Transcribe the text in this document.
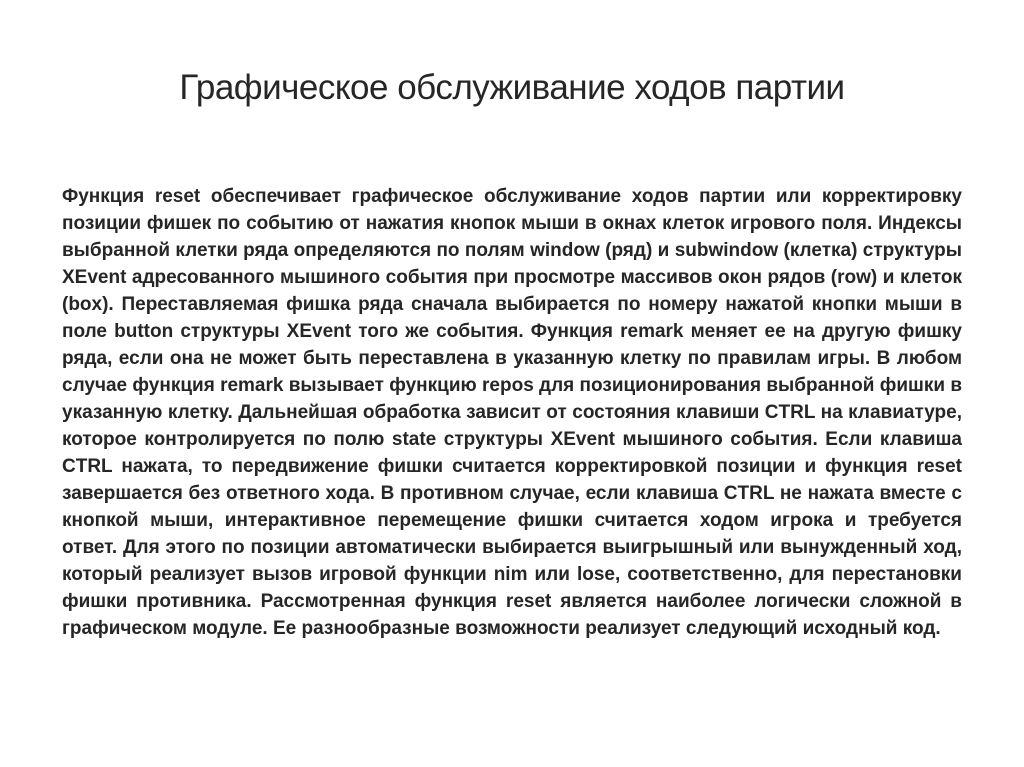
Графическое обслуживание ходов партии

Функция reset обеспечивает графическое обслуживание ходов партии или корректировку позиции фишек по событию от нажатия кнопок мыши в окнах клеток игрового поля. Индексы выбранной клетки ряда определяются по полям window (ряд) и subwindow (клетка) структуры XEvent адресованного мышиного события при просмотре массивов окон рядов (row) и клеток (box). Переставляемая фишка ряда сначала выбирается по номеру нажатой кнопки мыши в поле button структуры XEvent того же события. Функция remark меняет ее на другую фишку ряда, если она не может быть переставлена в указанную клетку по правилам игры. В любом случае функция remark вызывает функцию repos для позиционирования выбранной фишки в указанную клетку. Дальнейшая обработка зависит от состояния клавиши CTRL на клавиатуре, которое контролируется по полю state структуры XEvent мышиного события. Если клавиша CTRL нажата, то передвижение фишки считается корректировкой позиции и функция reset завершается без ответного хода. В противном случае, если клавиша CTRL не нажата вместе с кнопкой мыши, интерактивное перемещение фишки считается ходом игрока и требуется ответ. Для этого по позиции автоматически выбирается выигрышный или вынужденный ход, который реализует вызов игровой функции nim или lose, соответственно, для перестановки фишки противника. Рассмотренная функция reset является наиболее логически сложной в графическом модуле. Ее разнообразные возможности реализует следующий исходный код.
